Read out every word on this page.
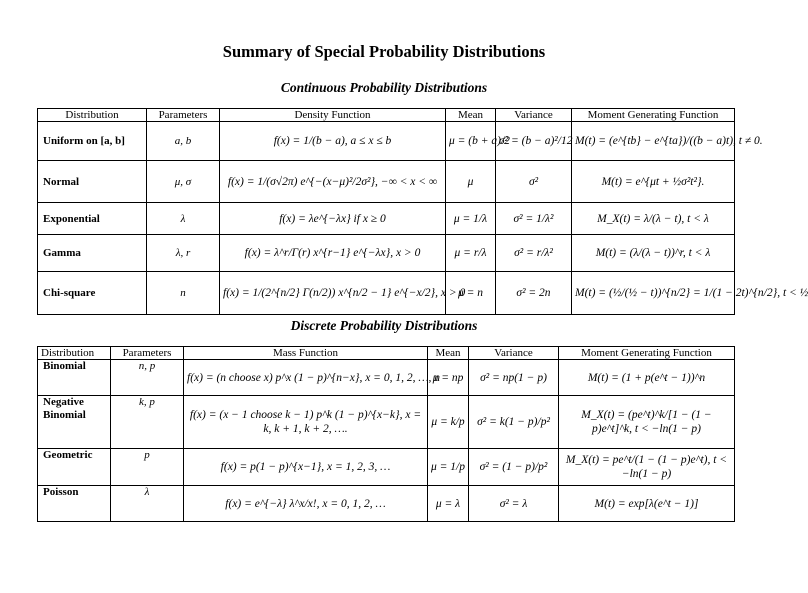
Summary of Special Probability Distributions
Continuous Probability Distributions
Distribution	Parameters	Density Function	Mean	Variance	Moment Generating Function
Uniform on [a, b]	a, b	f(x) = 1/(b − a), a ≤ x ≤ b	μ = (b + a)/2	σ² = (b − a)²/12	M(t) = (e^{tb} − e^{ta})/((b − a)t), t ≠ 0.
Normal	μ, σ	f(x) = 1/(σ√2π) e^{−(x−μ)²/2σ²}, −∞ < x < ∞	μ	σ²	M(t) = e^{μt + ½σ²t²}.
Exponential	λ	f(x) = λe^{−λx} if x ≥ 0	μ = 1/λ	σ² = 1/λ²	M_X(t) = λ/(λ − t), t < λ
Gamma	λ, r	f(x) = λ^r/Γ(r) x^{r−1} e^{−λx}, x > 0	μ = r/λ	σ² = r/λ²	M(t) = (λ/(λ − t))^r, t < λ
Chi-square	n	f(x) = 1/(2^{n/2} Γ(n/2)) x^{n/2 − 1} e^{−x/2}, x > 0	μ = n	σ² = 2n	M(t) = (½/(½ − t))^{n/2} = 1/(1 − 2t)^{n/2}, t < ½
Discrete Probability Distributions
Distribution	Parameters	Mass Function	Mean	Variance	Moment Generating Function
Binomial	n, p	f(x) = (n choose x) p^x (1 − p)^{n−x}, x = 0, 1, 2, …, n	μ = np	σ² = np(1 − p)	M(t) = (1 + p(e^t − 1))^n
Negative Binomial	k, p	f(x) = (x − 1 choose k − 1) p^k (1 − p)^{x−k}, x = k, k + 1, k + 2, ….	μ = k/p	σ² = k(1 − p)/p²	M_X(t) = (pe^t)^k/[1 − (1 − p)e^t]^k, t < −ln(1 − p)
Geometric	p	f(x) = p(1 − p)^{x−1}, x = 1, 2, 3, …	μ = 1/p	σ² = (1 − p)/p²	M_X(t) = pe^t/(1 − (1 − p)e^t), t < −ln(1 − p)
Poisson	λ	f(x) = e^{−λ} λ^x/x!, x = 0, 1, 2, …	μ = λ	σ² = λ	M(t) = exp[λ(e^t − 1)]
